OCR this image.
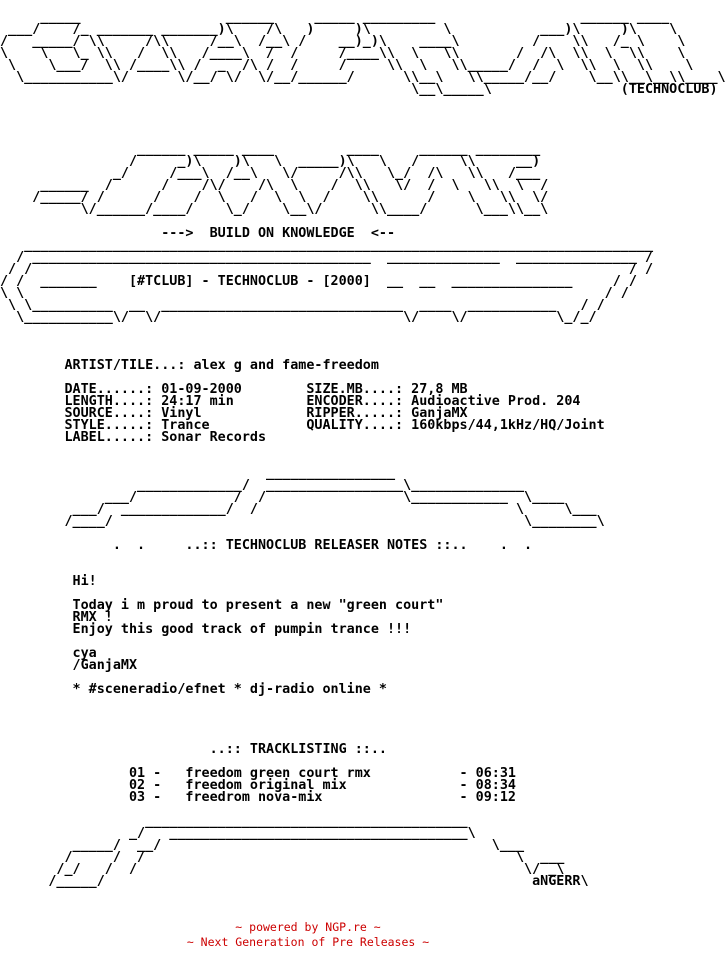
_____                  ______     _____ _________                  ______ ____
___/    /_ _______ _______)\    /\   )     )\         \           ___)\     )\    \
/   _____/ \\     /\\     /__\  /__\ /    __)_)\    ____\         /    \\   /_ \    \
\    \   \_ \\   /  \\   /____\  /  /     /____\\  \   \\       /  /\  \\  \  \\    \
\    \___/  \\ /____\\ /  _  /\ /  /     /     \\  \   \\_____/  /  \  \\  \  \\    \
\___________\/      \/__/ \/  \/__/______/      \\__\   \\_____/__/    \__\\__\__\\____\
\__\_____\                (TECHNOCLUB)
______ _____ ____         ____     ______ ________
/     _)\    )\   \  _____)\   \   /     \\     __)
_/     /___\  /__\   \/     /\\   \_/  /\   \\   /___
______  /      /    /\/    /\  \    /  \\   \/  /  \   \\  \  /
/_____/ /      /    /  \   /  \  \  /    \\      /    \   \\  \/
\/______/____/    \_/    \__\/      \\____/      \___\\__\
--->  BUILD ON KNOWLEDGE  <--
______________________________________________________________________________
/ __________________________________________  ______________  _______________ /
/ /                                                                          / /
/ /  _______    [#TCLUB] - TECHNOCLUB - [2000]  __  __  _______________     / /
\ \                                                                        / /
\ \__________  __  ______________________________  ____  ___________   / /
\___________\/  \/                              \/    \/           \_/_/
ARTIST/TILE...: alex g and fame-freedom
DATE......: 01-09-2000        SIZE.MB....: 27,8 MB
LENGTH....: 24:17 min         ENCODER....: Audioactive Prod. 204
SOURCE....: Vinyl             RIPPER.....: GanjaMX
STYLE.....: Trance            QUALITY....: 160kbps/44,1kHz/HQ/Joint
LABEL.....: Sonar Records
________________
_____________/  _________________\______________
___/            /  /                 \____________  \____
___/  _____________/  /                                \     \___
/____/                                                   \________\
.  .     ..:: TECHNOCLUB RELEASER NOTES ::..    .  .
Hi!
Today i m proud to present a new "green court"
RMX !
Enjoy this good track of pumpin trance !!!
cya
/GanjaMX
* #sceneradio/efnet * dj-radio online *
..:: TRACKLISTING ::..
01 -   freedom green court rmx           - 06:31
02 -   freedom original mix              - 08:34
03 -   freedrom nova-mix                 - 09:12
________________________________________
_/   _____________________________________\
_____/  __/                                         \___
/     /  /                                              \  ___
/_/   /  /                                                \/ _\
/_____/                                                     aNGERR\
~ powered by NGP.re ~
~ Next Generation of Pre Releases ~
